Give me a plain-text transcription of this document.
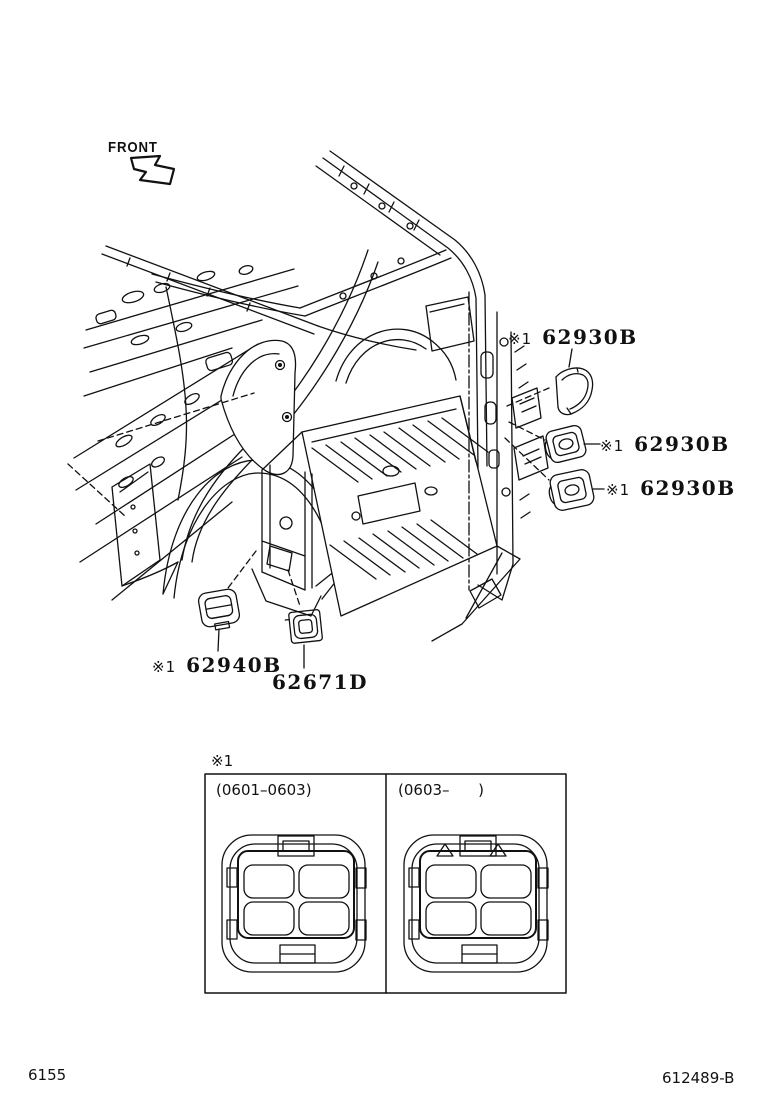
FRONT
※1 62930B
※1 62930B
※1 62930B
※1 62940B
62671D
※1
(0601–0603)	(0603–      )
6155	612489-B
